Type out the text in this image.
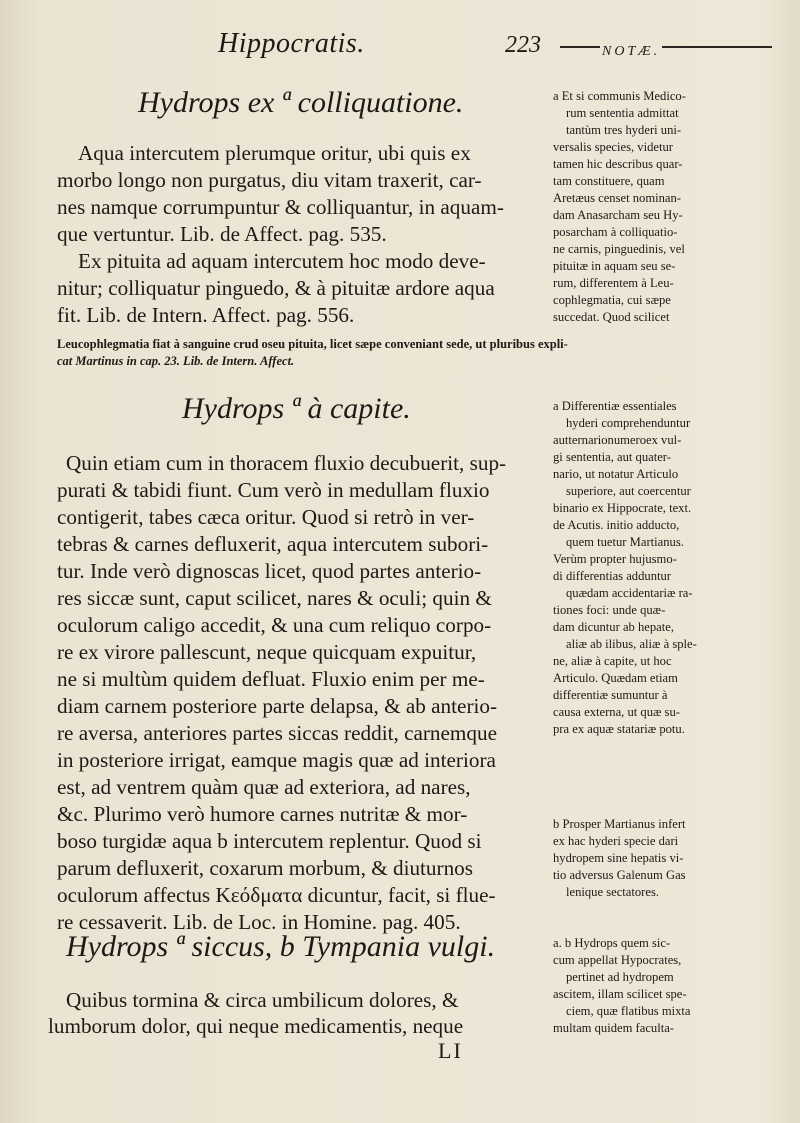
Hippocratis.	223	NOTÆ.
Hydrops ex ª colliquatione.
Aqua intercutem plerumque oritur, ubi quis ex
morbo longo non purgatus, diu vitam traxerit, car-
nes namque corrumpuntur & colliquantur, in aquam-
que vertuntur. Lib. de Affect. pag. 535.
Ex pituita ad aquam intercutem hoc modo deve-
nitur; colliquatur pinguedo, & à pituitæ ardore aqua
fit. Lib. de Intern. Affect. pag. 556.
a Et si communis Medico-
rum sententia admittat
tantùm tres hyderi uni-
versalis species, videtur
tamen hic describus quar-
tam constituere, quam
Aretæus censet nominan-
dam Anasarcham seu Hy-
posarcham à colliquatio-
ne carnis, pinguedinis, vel
pituitæ in aquam seu se-
rum, differentem à Leu-
cophlegmatia, cui sæpe
succedat. Quod scilicet
Leucophlegmatia fiat à sanguine crud oseu pituita, licet sæpe conveniant sede, ut pluribus expli-
cat Martinus in cap. 23. Lib. de Intern. Affect.
Hydrops ª à capite.
Quin etiam cum in thoracem fluxio decubuerit, sup-
purati & tabidi fiunt. Cum verò in medullam fluxio
contigerit, tabes cæca oritur. Quod si retrò in ver-
tebras & carnes defluxerit, aqua intercutem subori-
tur. Inde verò dignoscas licet, quod partes anterio-
res siccæ sunt, caput scilicet, nares & oculi; quin &
oculorum caligo accedit, & una cum reliquo corpo-
re ex virore pallescunt, neque quicquam expuitur,
ne si multùm quidem defluat. Fluxio enim per me-
diam carnem posteriore parte delapsa, & ab anterio-
re aversa, anteriores partes siccas reddit, carnemque
in posteriore irrigat, eamque magis quæ ad interiora
est, ad ventrem quàm quæ ad exteriora, ad nares,
&c. Plurimo verò humore carnes nutritæ & mor-
boso turgidæ aqua b intercutem replentur. Quod si
parum defluxerit, coxarum morbum, & diuturnos
oculorum affectus Κεόδματα dicuntur, facit, si flue-
re cessaverit. Lib. de Loc. in Homine. pag. 405.
a Differentiæ essentiales
hyderi comprehenduntur
autternarionumeroex vul-
gi sententia, aut quater-
nario, ut notatur Articulo
superiore, aut coercentur
binario ex Hippocrate, text.
de Acutis. initio adducto,
quem tuetur Martianus.
Verùm propter hujusmo-
di differentias adduntur
quædam accidentariæ ra-
tiones foci: unde quæ-
dam dicuntur ab hepate,
aliæ ab ilibus, aliæ à sple-
ne, aliæ à capite, ut hoc
Articulo. Quædam etiam
differentiæ sumuntur à
causa externa, ut quæ su-
pra ex aquæ statariæ potu.
b Prosper Martianus infert
ex hac hyderi specie dari
hydropem sine hepatis vi-
tio adversus Galenum Gas
lenique sectatores.
Hydrops ª siccus, b Tympania vulgi.
Quibus tormina & circa umbilicum dolores, &
lumborum dolor, qui neque medicamentis, neque
a. b Hydrops quem sic-
cum appellat Hypocrates,
pertinet ad hydropem
ascitem, illam scilicet spe-
ciem, quæ flatibus mixta
multam quidem faculta-
LI
